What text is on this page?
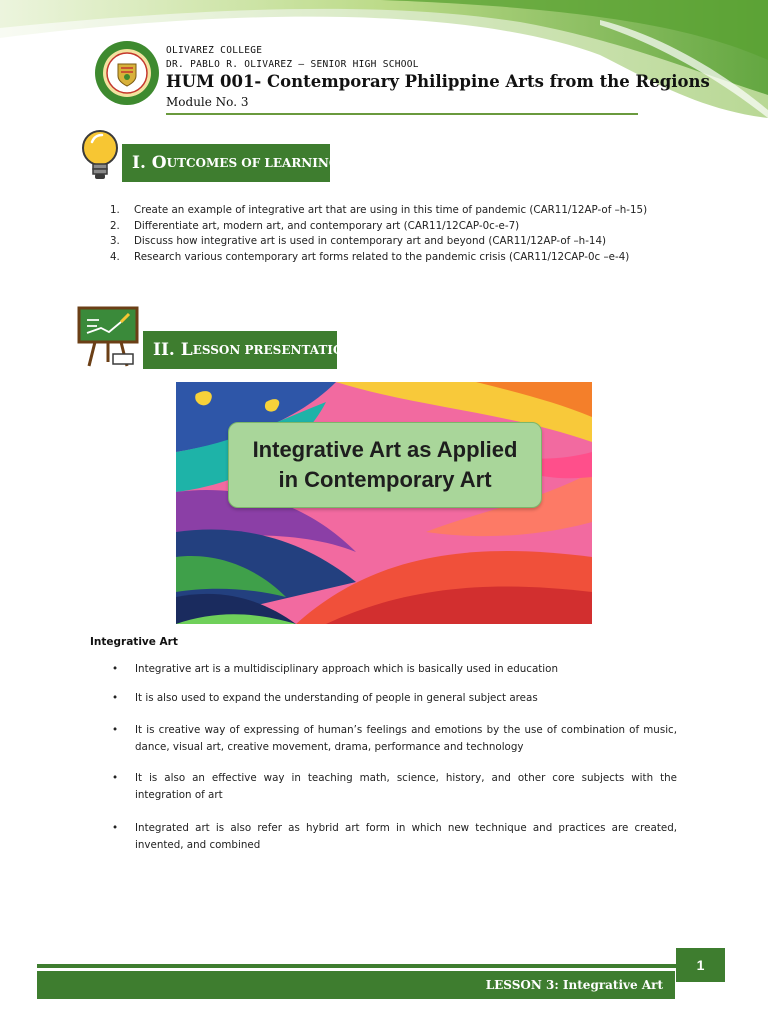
OLIVAREZ COLLEGE
DR. PABLO R. OLIVAREZ – SENIOR HIGH SCHOOL
HUM 001- Contemporary Philippine Arts from the Regions
Module No. 3
I. O UTCOMES OF LEARNING
1. Create an example of integrative art that are using in this time of pandemic (CAR11/12AP-of –h-15)
2. Differentiate art, modern art, and contemporary art (CAR11/12CAP-0c-e-7)
3. Discuss how integrative art is used in contemporary art and beyond (CAR11/12AP-of –h-14)
4. Research various contemporary art forms related to the pandemic crisis (CAR11/12CAP-0c –e-4)
II. L ESSON PRESENTATION
Integrative Art as Applied
in Contemporary Art
Integrative Art
• Integrative art is a multidisciplinary approach which is basically used in education
• It is also used to expand the understanding of people in general subject areas
• It is creative way of expressing of human’s feelings and emotions by the use of combination of music, dance, visual art, creative movement, drama, performance and technology
• It is also an effective way in teaching math, science, history, and other core subjects with the integration of art
• Integrated art is also refer as hybrid art form in which new technique and practices are created, invented, and combined
LESSON 3: Integrative Art
1
